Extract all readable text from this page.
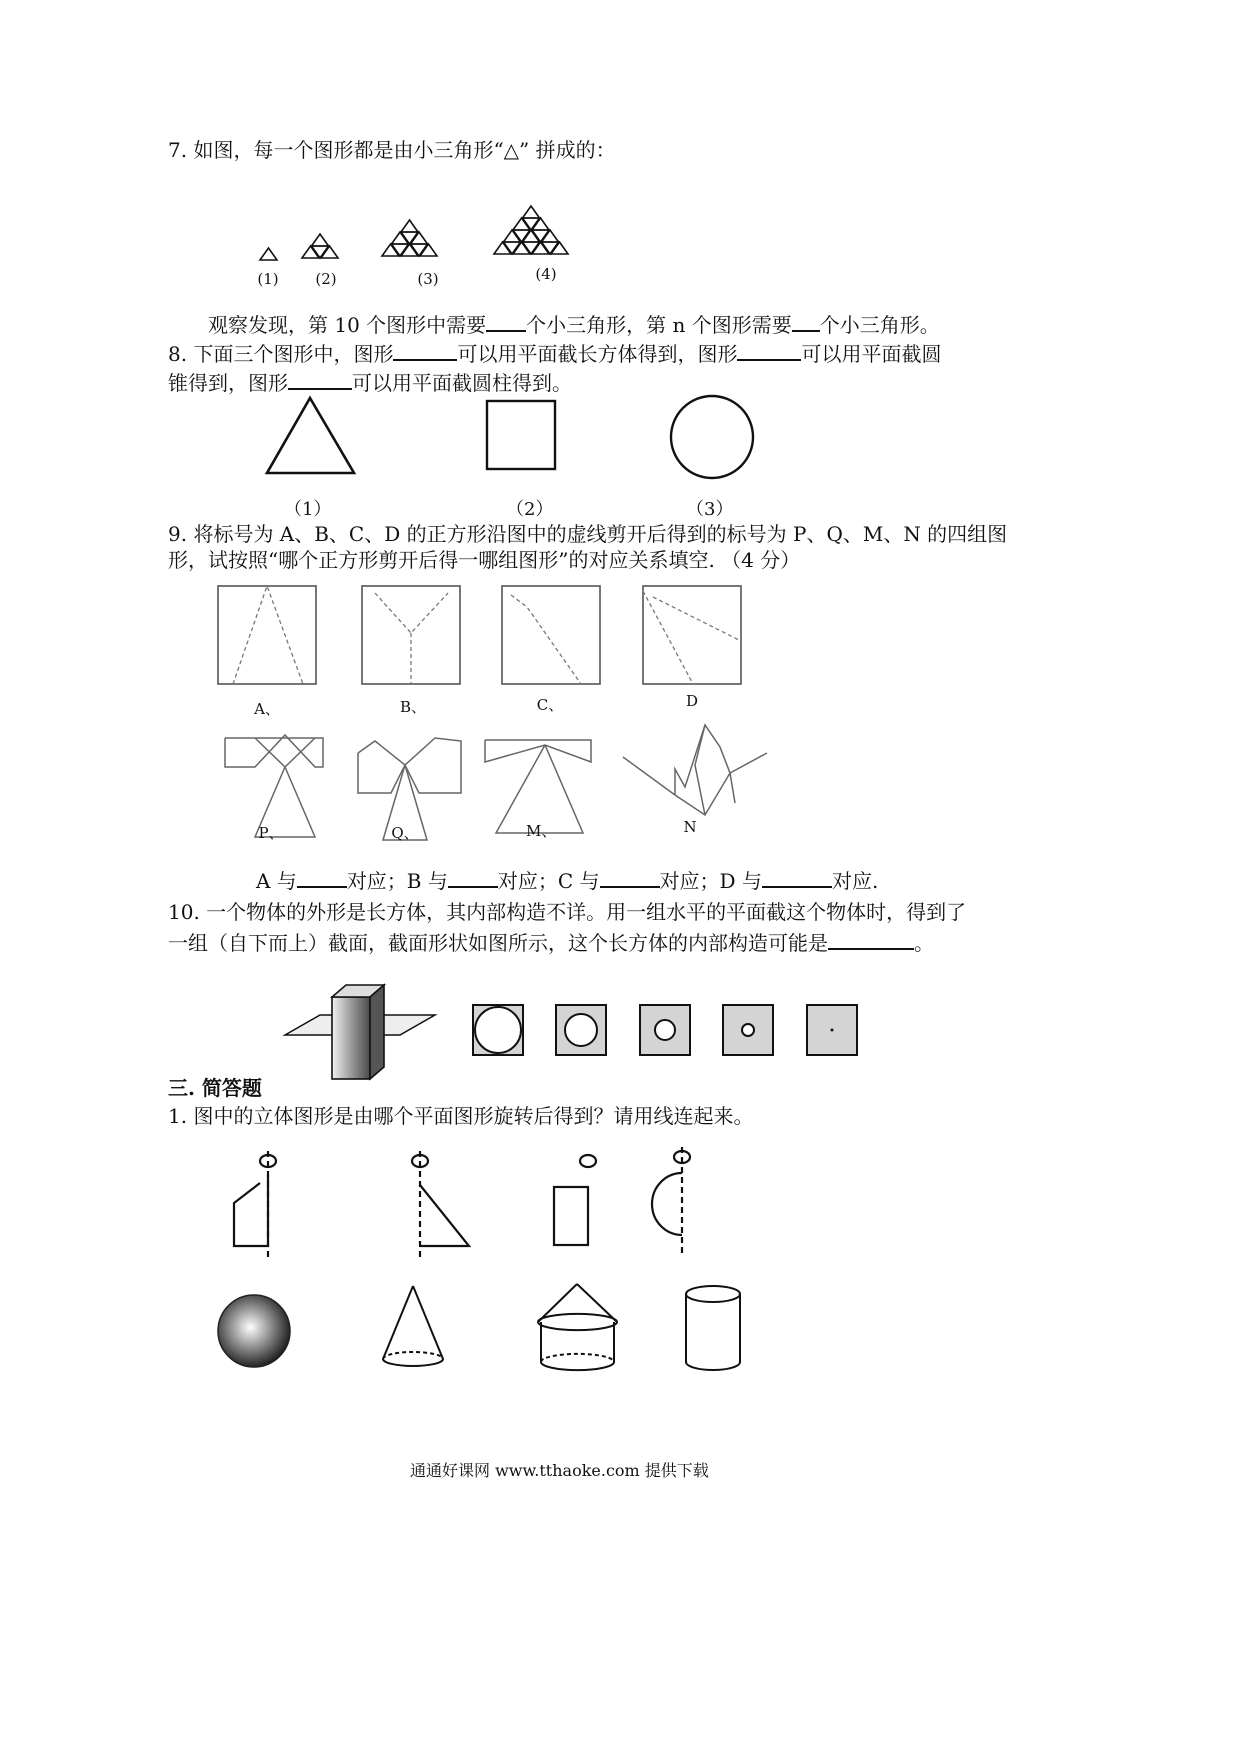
7. 如图，每一个图形都是由小三角形“△” 拼成的：
(1) (2)	(3)	(4)
观察发现，第 10 个图形中需要 个小三角形，第 n 个图形需要 个小三角形。
8. 下面三个图形中，图形	可以用平面截长方体得到，图形	可以用平面截圆
锥得到，图形	可以用平面截圆柱得到。
（1）	（2）	（3）
9. 将标号为 A、B、C、D 的正方形沿图中的虚线剪开后得到的标号为 P、Q、M、N 的四组图
形，试按照“哪个正方形剪开后得一哪组图形”的对应关系填空. （4 分）
A、	B、	C、	D
P、	Q、	M、	N
A 与	对应；B 与	对应；C 与	对应；D 与	对应.
10. 一个物体的外形是长方体，其内部构造不详。用一组水平的平面截这个物体时，得到了
一组（自下而上）截面，截面形状如图所示，这个长方体的内部构造可能是	。
三. 简答题
1. 图中的立体图形是由哪个平面图形旋转后得到？请用线连起来。
通通好课网 www.tthaoke.com 提供下载
